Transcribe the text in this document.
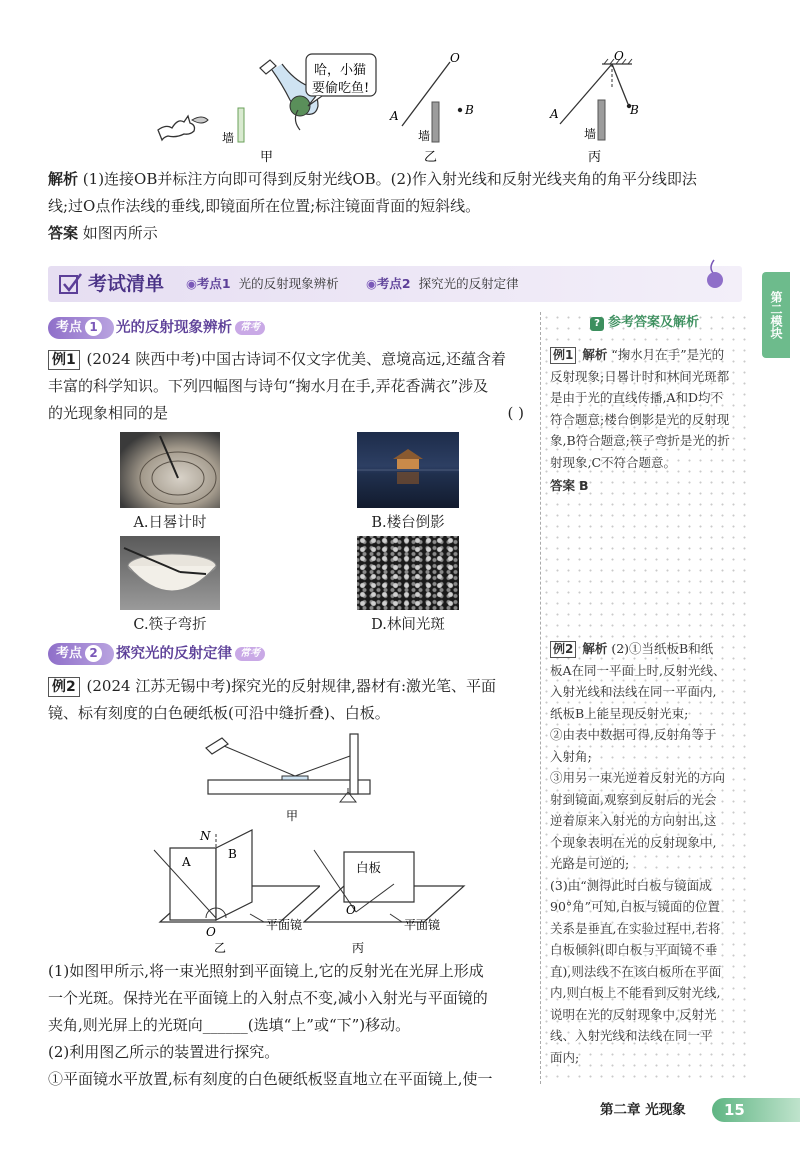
墙
甲
哈，小猫
要偷吃鱼!
O
A	B
墙
乙
O
A	B
墙
丙
解析 (1)连接OB并标注方向即可得到反射光线OB。(2)作入射光线和反射光线夹角的角平分线即法
线;过O点作法线的垂线,即镜面所在位置;标注镜面背面的短斜线。
答案 如图丙所示
考试清单 ◉考点1 光的反射现象辨析 ◉考点2 探究光的反射定律
第二模块
? 参考答案及解析
例1 解析 “掬水月在手”是光的
反射现象;日晷计时和林间光斑都
是由于光的直线传播,A和D均不
符合题意;楼台倒影是光的反射现
象,B符合题意;筷子弯折是光的折
射现象,C不符合题意。
答案 B
例2 解析 (2)①当纸板B和纸
板A在同一平面上时,反射光线、
入射光线和法线在同一平面内,
纸板B上能呈现反射光束;
②由表中数据可得,反射角等于
入射角;
③用另一束光逆着反射光的方向
射到镜面,观察到反射后的光会
逆着原来入射光的方向射出,这
个现象表明在光的反射现象中,
光路是可逆的;
(3)由“测得此时白板与镜面成
90°角”可知,白板与镜面的位置
关系是垂直,在实验过程中,若将
白板倾斜(即白板与平面镜不垂
直),则法线不在该白板所在平面
内,则白板上不能看到反射光线,
说明在光的反射现象中,反射光
线、入射光线和法线在同一平
面内;
考点 1	光的反射现象辨析 常考
例1 (2024 陕西中考)中国古诗词不仅文字优美、意境高远,还蕴含着
丰富的科学知识。下列四幅图与诗句“掬水月在手,弄花香满衣”涉及
的光现象相同的是	( )
A.日晷计时	B.楼台倒影
C.筷子弯折	D.林间光斑
考点 2	探究光的反射定律 常考
例2 (2024 江苏无锡中考)探究光的反射规律,器材有:激光笔、平面
镜、标有刻度的白色硬纸板(可沿中缝折叠)、白板。
甲
N
A
B
O	平面镜
乙
白板
O
平面镜
丙
(1)如图甲所示,将一束光照射到平面镜上,它的反射光在光屏上形成
一个光斑。保持光在平面镜上的入射点不变,减小入射光与平面镜的
夹角,则光屏上的光斑向______(选填“上”或“下”)移动。
(2)利用图乙所示的装置进行探究。
①平面镜水平放置,标有刻度的白色硬纸板竖直地立在平面镜上,使一
第二章 光现象	15
